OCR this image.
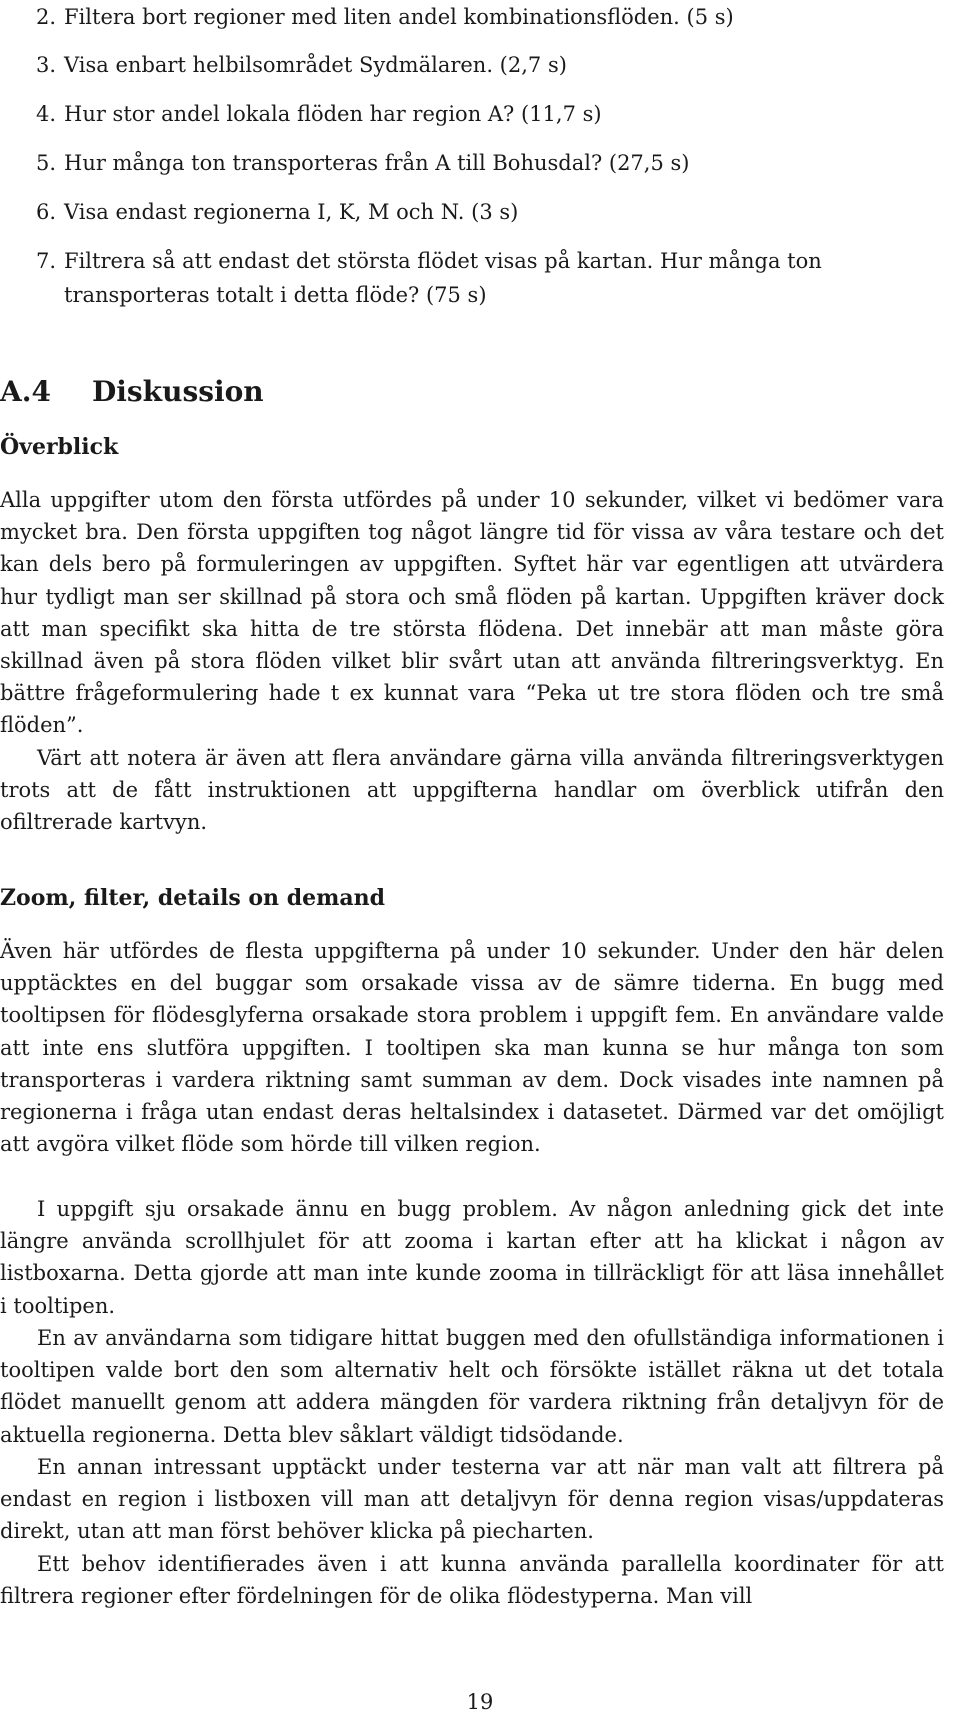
2. Filtera bort regioner med liten andel kombinationsflöden. (5 s)
3. Visa enbart helbilsområdet Sydmälaren. (2,7 s)
4. Hur stor andel lokala flöden har region A? (11,7 s)
5. Hur många ton transporteras från A till Bohusdal? (27,5 s)
6. Visa endast regionerna I, K, M och N. (3 s)
7. Filtrera så att endast det största flödet visas på kartan. Hur många ton transporteras totalt i detta flöde? (75 s)
A.4 Diskussion
Överblick

Alla uppgifter utom den första utfördes på under 10 sekunder, vilket vi bedömer vara mycket bra. Den första uppgiften tog något längre tid för vissa av våra testare och det kan dels bero på formuleringen av uppgiften. Syftet här var egentligen att utvärdera hur tydligt man ser skillnad på stora och små flöden på kartan. Uppgiften kräver dock att man specifikt ska hitta de tre största flödena. Det innebär att man måste göra skillnad även på stora flöden vilket blir svårt utan att använda filtreringsverktyg. En bättre frågeformulering hade t ex kunnat vara “Peka ut tre stora flöden och tre små flöden”.

Värt att notera är även att flera användare gärna villa använda filtreringsverktygen trots att de fått instruktionen att uppgifterna handlar om överblick utifrån den ofiltrerade kartvyn.

Zoom, filter, details on demand

Även här utfördes de flesta uppgifterna på under 10 sekunder. Under den här delen upptäcktes en del buggar som orsakade vissa av de sämre tiderna. En bugg med tooltipsen för flödesglyferna orsakade stora problem i uppgift fem. En användare valde att inte ens slutföra uppgiften. I tooltipen ska man kunna se hur många ton som transporteras i vardera riktning samt summan av dem. Dock visades inte namnen på regionerna i fråga utan endast deras heltalsindex i datasetet. Därmed var det omöjligt att avgöra vilket flöde som hörde till vilken region.

I uppgift sju orsakade ännu en bugg problem. Av någon anledning gick det inte längre använda scrollhjulet för att zooma i kartan efter att ha klickat i någon av listboxarna. Detta gjorde att man inte kunde zooma in tillräckligt för att läsa innehållet i tooltipen.

En av användarna som tidigare hittat buggen med den ofullständiga informationen i tooltipen valde bort den som alternativ helt och försökte istället räkna ut det totala flödet manuellt genom att addera mängden för vardera riktning från detaljvyn för de aktuella regionerna. Detta blev såklart väldigt tidsödande.

En annan intressant upptäckt under testerna var att när man valt att filtrera på endast en region i listboxen vill man att detaljvyn för denna region visas/uppdateras direkt, utan att man först behöver klicka på piecharten.

Ett behov identifierades även i att kunna använda parallella koordinater för att filtrera regioner efter fördelningen för de olika flödestyperna. Man vill

19
